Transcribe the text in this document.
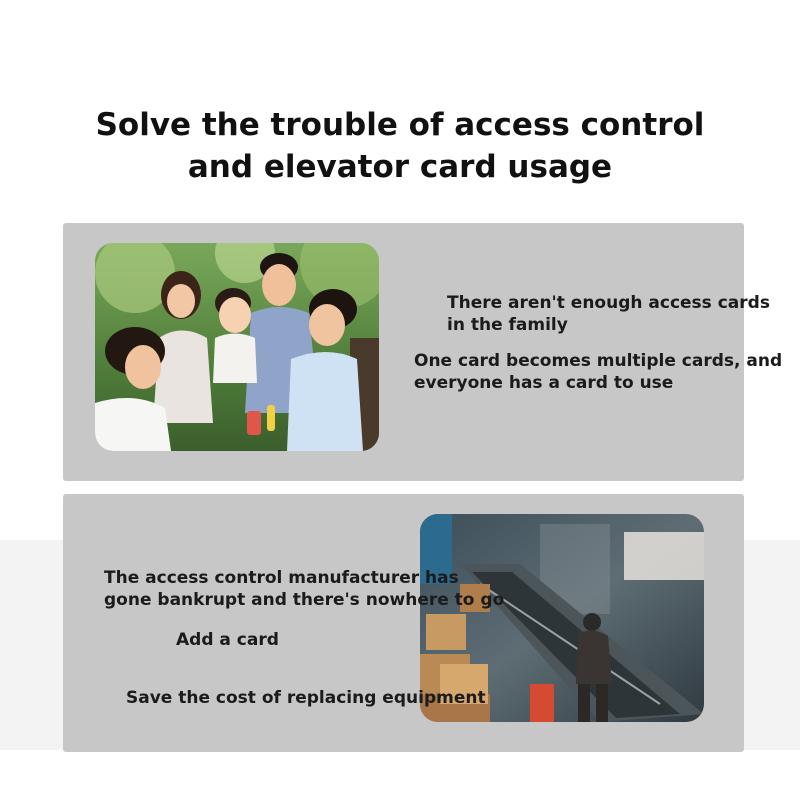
Solve the trouble of access control
and elevator card usage
There aren't enough access cards
in the family
One card becomes multiple cards, and
everyone has a card to use
The access control manufacturer has
gone bankrupt and there's nowhere to go
Add a card
Save the cost of replacing equipment
